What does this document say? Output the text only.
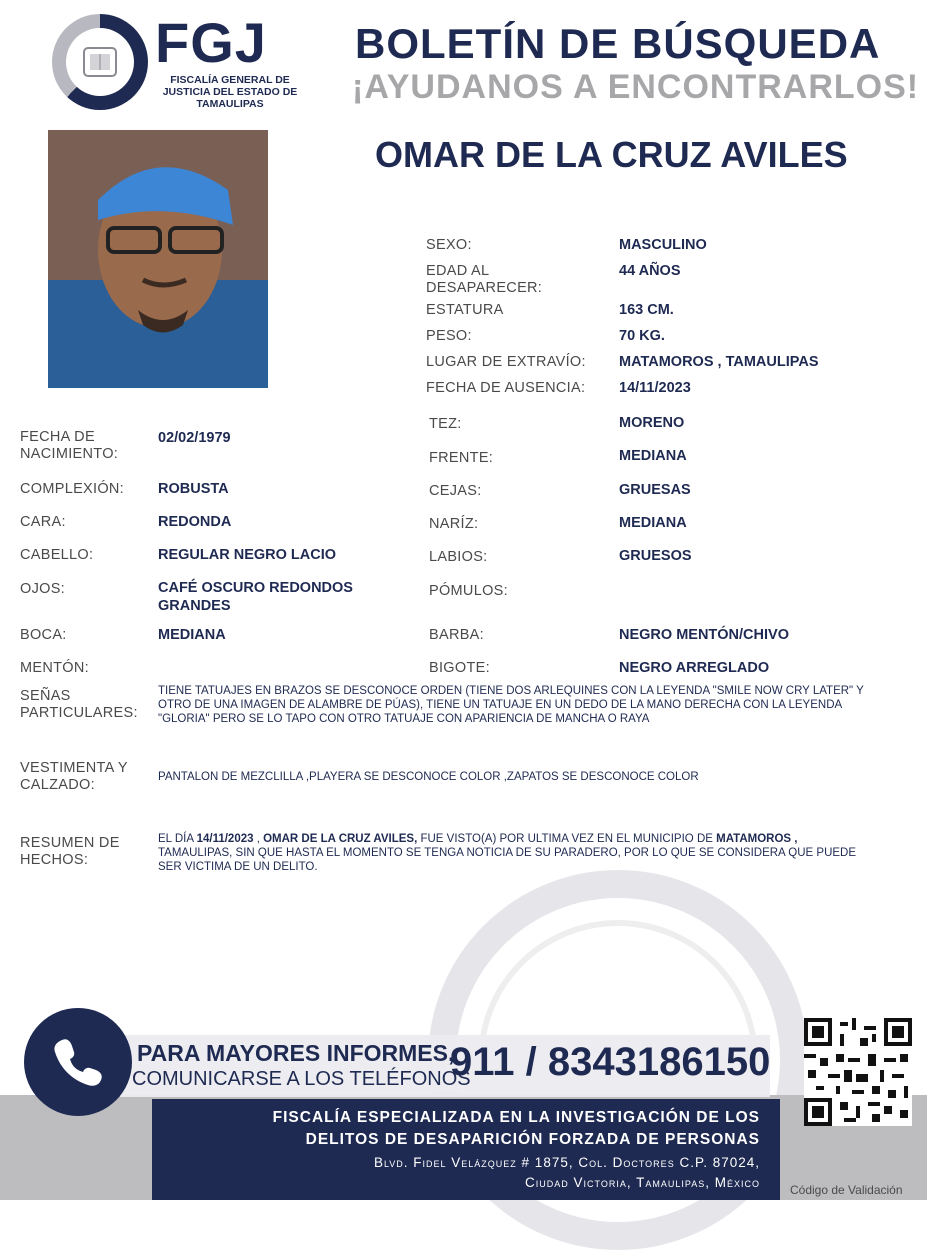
FGJ
FISCALÍA GENERAL DE JUSTICIA DEL ESTADO DE TAMAULIPAS
BOLETÍN DE BÚSQUEDA
¡AYUDANOS A ENCONTRARLOS!
OMAR DE LA CRUZ AVILES
SEXO:	MASCULINO
EDAD AL DESAPARECER:
44 AÑOS
ESTATURA	163 CM.
PESO:	70 KG.
LUGAR DE EXTRAVÍO: MATAMOROS , TAMAULIPAS
FECHA DE AUSENCIA: 14/11/2023
FECHA DE NACIMIENTO:
02/02/1979
COMPLEXIÓN: ROBUSTA
CARA:	REDONDA
CABELLO:	REGULAR NEGRO LACIO
OJOS:	CAFÉ OSCURO REDONDOS GRANDES
BOCA:	MEDIANA
MENTÓN:
TEZ:	MORENO
FRENTE:	MEDIANA
CEJAS:	GRUESAS
NARÍZ:	MEDIANA
LABIOS:	GRUESOS
PÓMULOS:
BARBA:	NEGRO MENTÓN/CHIVO
BIGOTE:	NEGRO ARREGLADO
SEÑAS PARTICULARES:
TIENE TATUAJES EN BRAZOS SE DESCONOCE ORDEN (TIENE DOS ARLEQUINES CON LA LEYENDA "SMILE NOW CRY LATER" Y OTRO DE UNA IMAGEN DE ALAMBRE DE PÚAS), TIENE UN TATUAJE EN UN DEDO DE LA MANO DERECHA CON LA LEYENDA "GLORIA" PERO SE LO TAPO CON OTRO TATUAJE CON APARIENCIA DE MANCHA O RAYA
VESTIMENTA Y CALZADO:	PANTALON DE MEZCLILLA ,PLAYERA SE DESCONOCE COLOR ,ZAPATOS SE DESCONOCE COLOR
RESUMEN DE HECHOS:
EL DÍA 14/11/2023 , OMAR DE LA CRUZ AVILES, FUE VISTO(A) POR ULTIMA VEZ EN EL MUNICIPIO DE MATAMOROS , TAMAULIPAS, SIN QUE HASTA EL MOMENTO SE TENGA NOTICIA DE SU PARADERO, POR LO QUE SE CONSIDERA QUE PUEDE SER VICTIMA DE UN DELITO.
PARA MAYORES INFORMES,
COMUNICARSE A LOS TELÉFONOS
911 / 8343186150
FISCALÍA ESPECIALIZADA EN LA INVESTIGACIÓN DE LOS
DELITOS DE DESAPARICIÓN FORZADA DE PERSONAS
Blvd. Fidel Velázquez # 1875, Col. Doctores C.P. 87024,
Ciudad Victoria, Tamaulipas, México	Código de Validación
